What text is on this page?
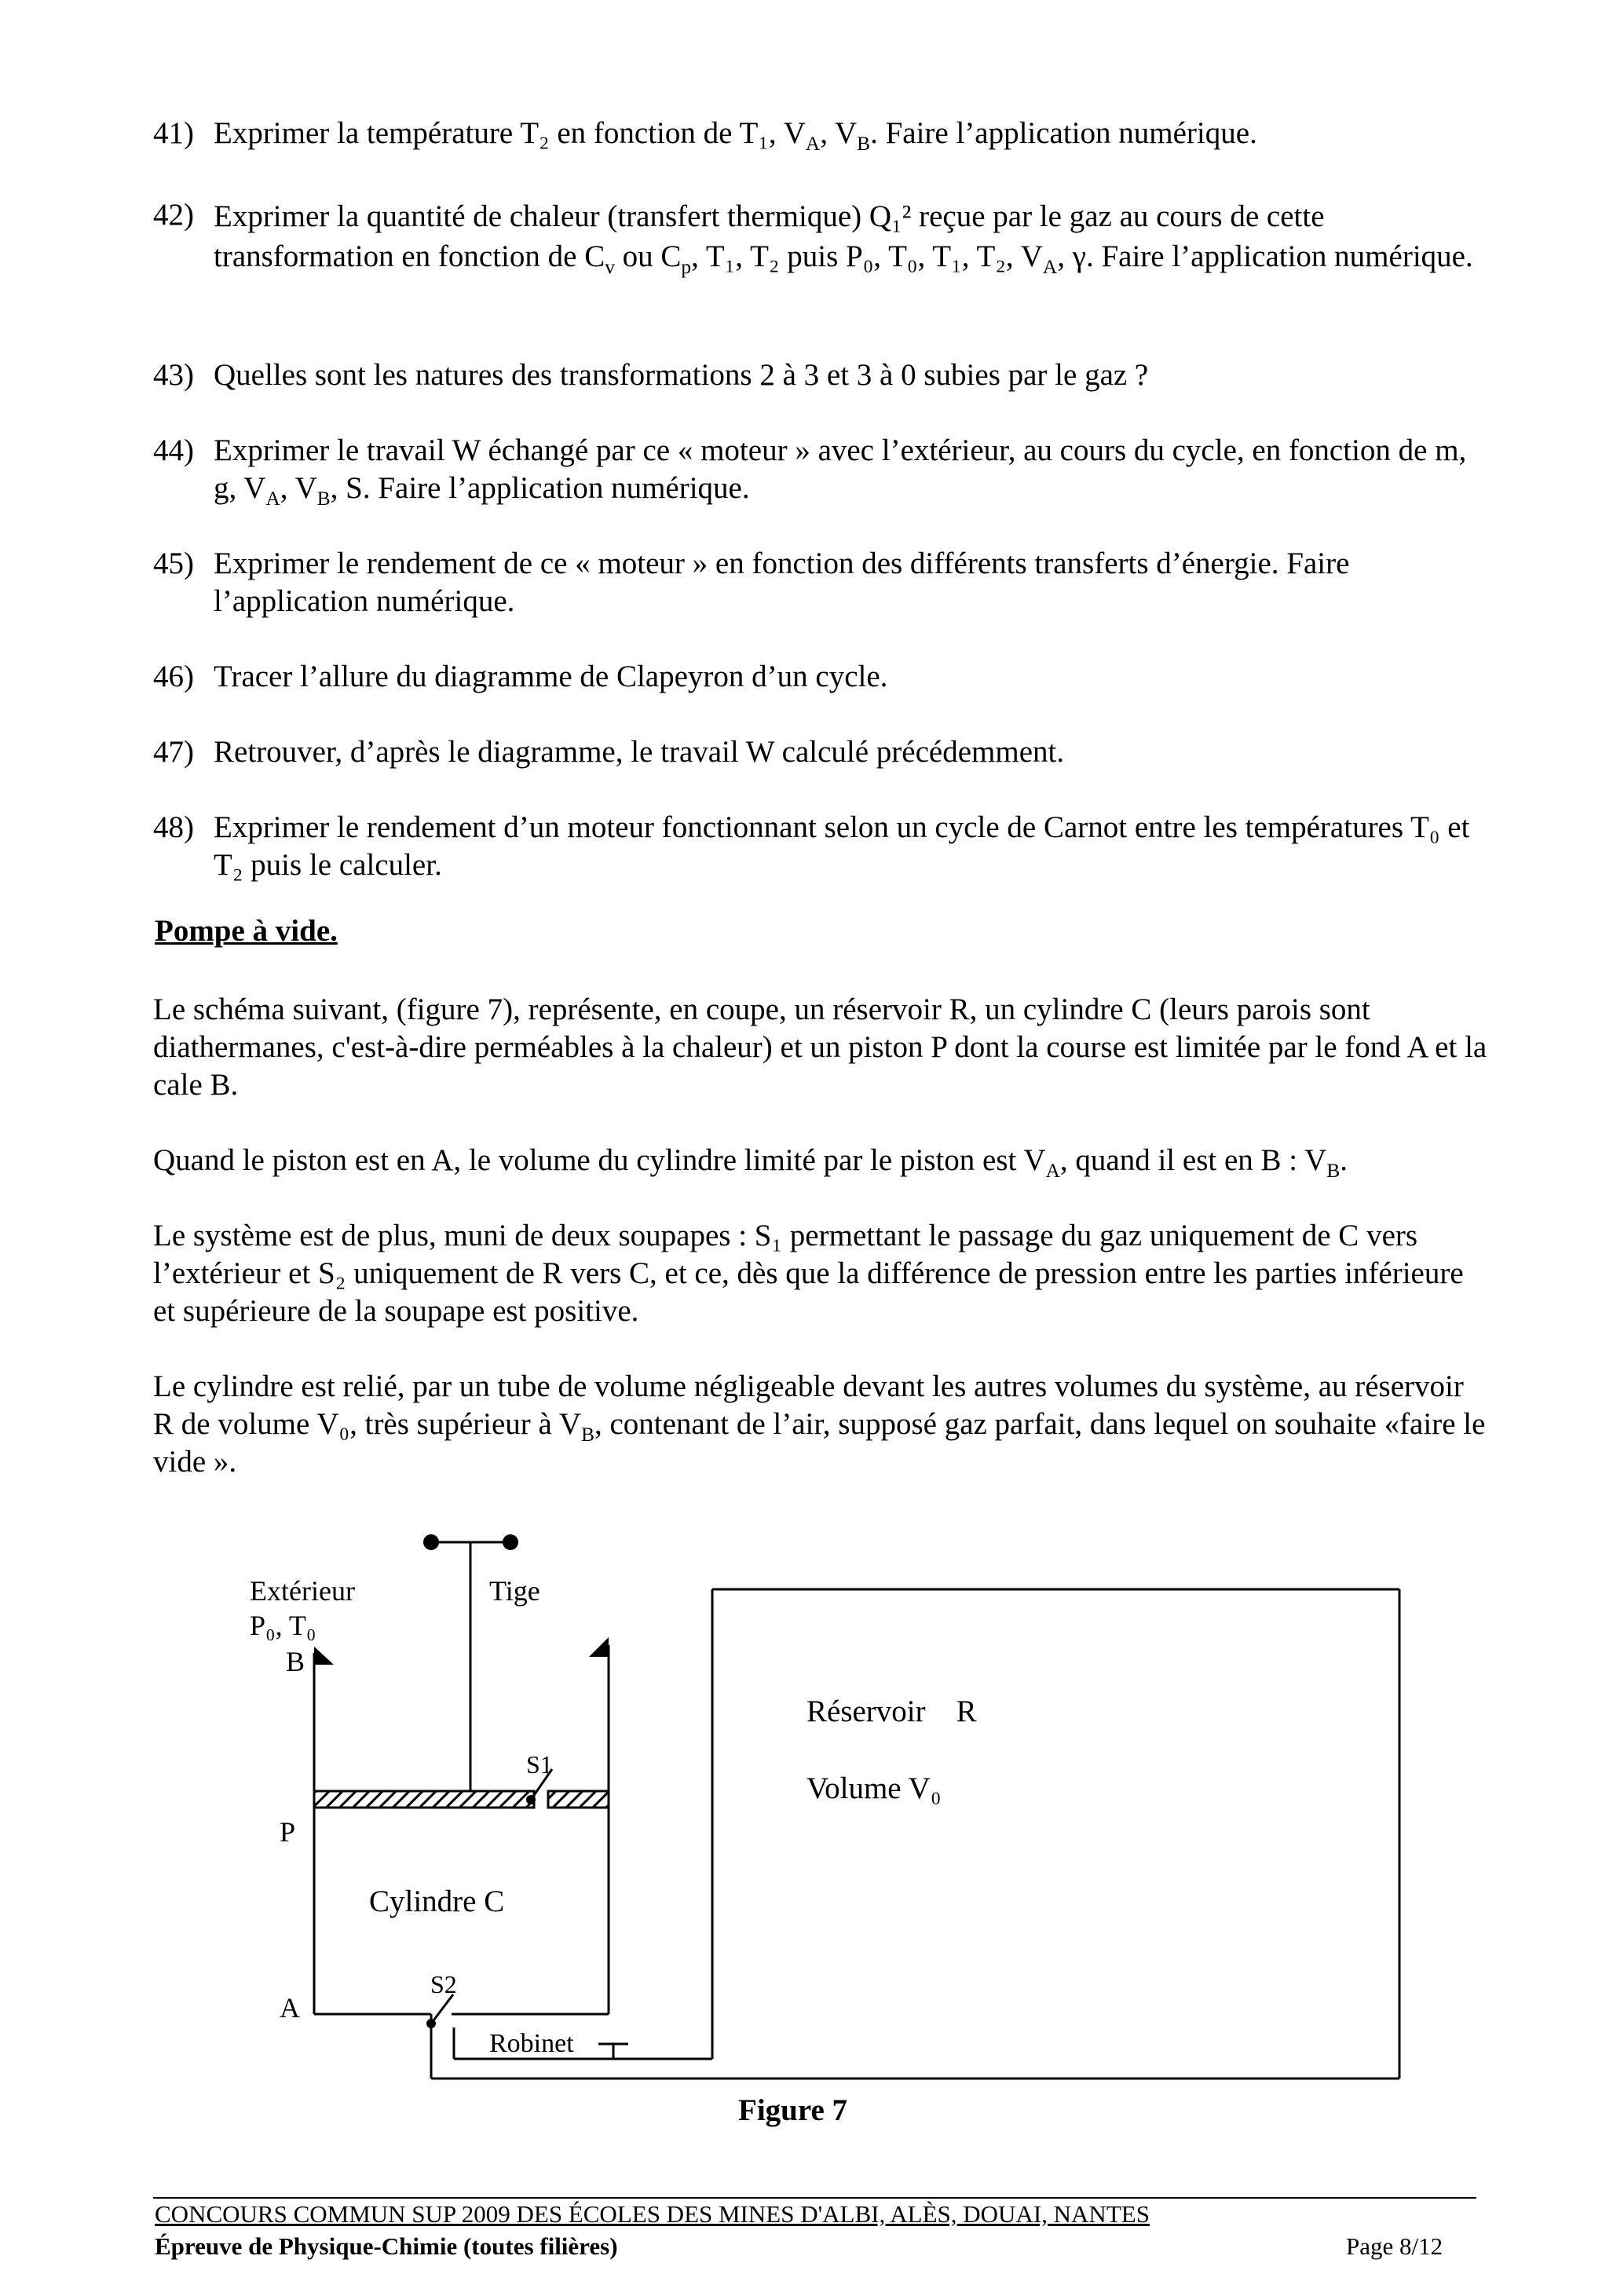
41) Exprimer la température T₂ en fonction de T₁, $V_A$, $V_B$. Faire l’application numérique.
42) Exprimer la quantité de chaleur (transfert thermique) Q₁² reçue par le gaz au cours de cette transformation en fonction de $C_v$ ou $C_p$, T₁, T₂ puis P₀, T₀, T₁, T₂, $V_A$, γ. Faire l’application numérique.
43) Quelles sont les natures des transformations 2 à 3 et 3 à 0 subies par le gaz ?
44) Exprimer le travail W échangé par ce « moteur » avec l’extérieur, au cours du cycle, en fonction de m, g, $V_A$, $V_B$, S. Faire l’application numérique.
45) Exprimer le rendement de ce « moteur » en fonction des différents transferts d’énergie. Faire l’application numérique.
46) Tracer l’allure du diagramme de Clapeyron d’un cycle.
47) Retrouver, d’après le diagramme, le travail W calculé précédemment.
48) Exprimer le rendement d’un moteur fonctionnant selon un cycle de Carnot entre les températures T₀ et T₂ puis le calculer.
Pompe à vide.
Le schéma suivant, (figure 7), représente, en coupe, un réservoir R, un cylindre C (leurs parois sont diathermanes, c'est-à-dire perméables à la chaleur) et un piston P dont la course est limitée par le fond A et la cale B.
Quand le piston est en A, le volume du cylindre limité par le piston est $V_A$, quand il est en B : $V_B$.
Le système est de plus, muni de deux soupapes : S₁ permettant le passage du gaz uniquement de C vers l’extérieur et S₂ uniquement de R vers C, et ce, dès que la différence de pression entre les parties inférieure et supérieure de la soupape est positive.
Le cylindre est relié, par un tube de volume négligeable devant les autres volumes du système, au réservoir R de volume V₀, très supérieur à $V_B$, contenant de l’air, supposé gaz parfait, dans lequel on souhaite «faire le vide ».
Extérieur
P₀, T₀
Tige
B
P
A
S1
S2
Cylindre C
Robinet
Réservoir    R
Volume V₀
Figure 7
CONCOURS COMMUN SUP 2009 DES ÉCOLES DES MINES D'ALBI, ALÈS, DOUAI, NANTES
Épreuve de Physique-Chimie (toutes filières)	Page 8/12
